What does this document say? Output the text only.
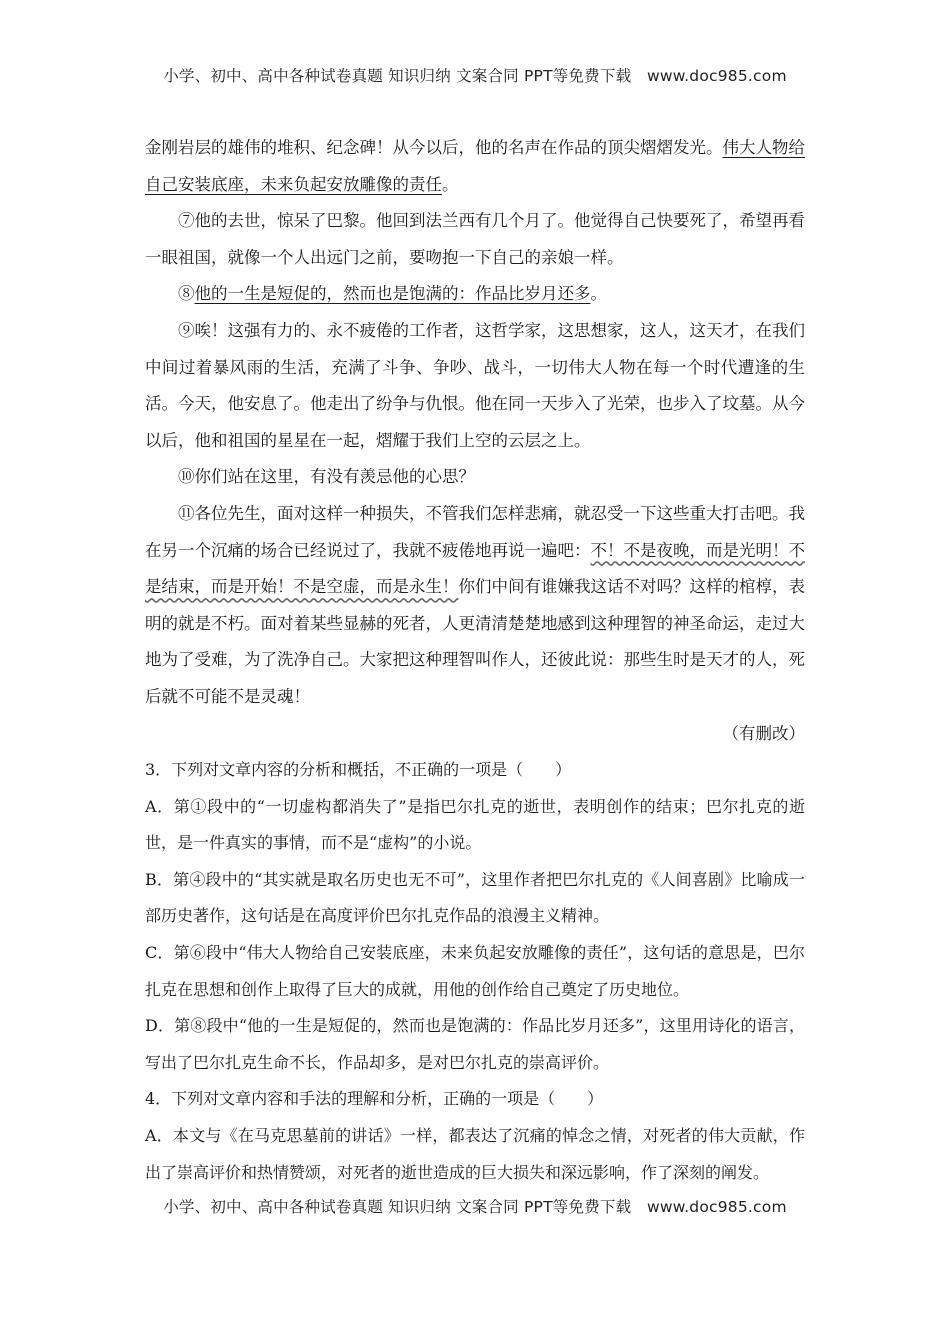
小学、初中、高中各种试卷真题 知识归纳 文案合同 PPT等免费下载　www.doc985.com

金刚岩层的雄伟的堆积、纪念碑！从今以后，他的名声在作品的顶尖熠熠发光。伟大人物给自己安装底座，未来负起安放雕像的责任。

⑦他的去世，惊呆了巴黎。他回到法兰西有几个月了。他觉得自己快要死了，希望再看一眼祖国，就像一个人出远门之前，要吻抱一下自己的亲娘一样。

⑧他的一生是短促的，然而也是饱满的：作品比岁月还多。

⑨唉！这强有力的、永不疲倦的工作者，这哲学家，这思想家，这人，这天才，在我们中间过着暴风雨的生活，充满了斗争、争吵、战斗，一切伟大人物在每一个时代遭逢的生活。今天，他安息了。他走出了纷争与仇恨。他在同一天步入了光荣，也步入了坟墓。从今以后，他和祖国的星星在一起，熠耀于我们上空的云层之上。

⑩你们站在这里，有没有羡忌他的心思？

⑪各位先生，面对这样一种损失，不管我们怎样悲痛，就忍受一下这些重大打击吧。我在另一个沉痛的场合已经说过了，我就不疲倦地再说一遍吧：不！不是夜晚，而是光明！不是结束，而是开始！不是空虚，而是永生！你们中间有谁嫌我这话不对吗？这样的棺椁，表明的就是不朽。面对着某些显赫的死者，人更清清楚楚地感到这种理智的神圣命运，走过大地为了受难，为了洗净自己。大家把这种理智叫作人，还彼此说：那些生时是天才的人，死后就不可能不是灵魂！

（有删改）

3．下列对文章内容的分析和概括，不正确的一项是（　　）

A．第①段中的“一切虚构都消失了”是指巴尔扎克的逝世，表明创作的结束；巴尔扎克的逝世，是一件真实的事情，而不是“虚构”的小说。

B．第④段中的“其实就是取名历史也无不可”，这里作者把巴尔扎克的《人间喜剧》比喻成一部历史著作，这句话是在高度评价巴尔扎克作品的浪漫主义精神。

C．第⑥段中“伟大人物给自己安装底座，未来负起安放雕像的责任”，这句话的意思是，巴尔扎克在思想和创作上取得了巨大的成就，用他的创作给自己奠定了历史地位。

D．第⑧段中“他的一生是短促的，然而也是饱满的：作品比岁月还多”，这里用诗化的语言，写出了巴尔扎克生命不长，作品却多，是对巴尔扎克的崇高评价。

4．下列对文章内容和手法的理解和分析，正确的一项是（　　）

A．本文与《在马克思墓前的讲话》一样，都表达了沉痛的悼念之情，对死者的伟大贡献，作出了崇高评价和热情赞颂，对死者的逝世造成的巨大损失和深远影响，作了深刻的阐发。

小学、初中、高中各种试卷真题 知识归纳 文案合同 PPT等免费下载　www.doc985.com
